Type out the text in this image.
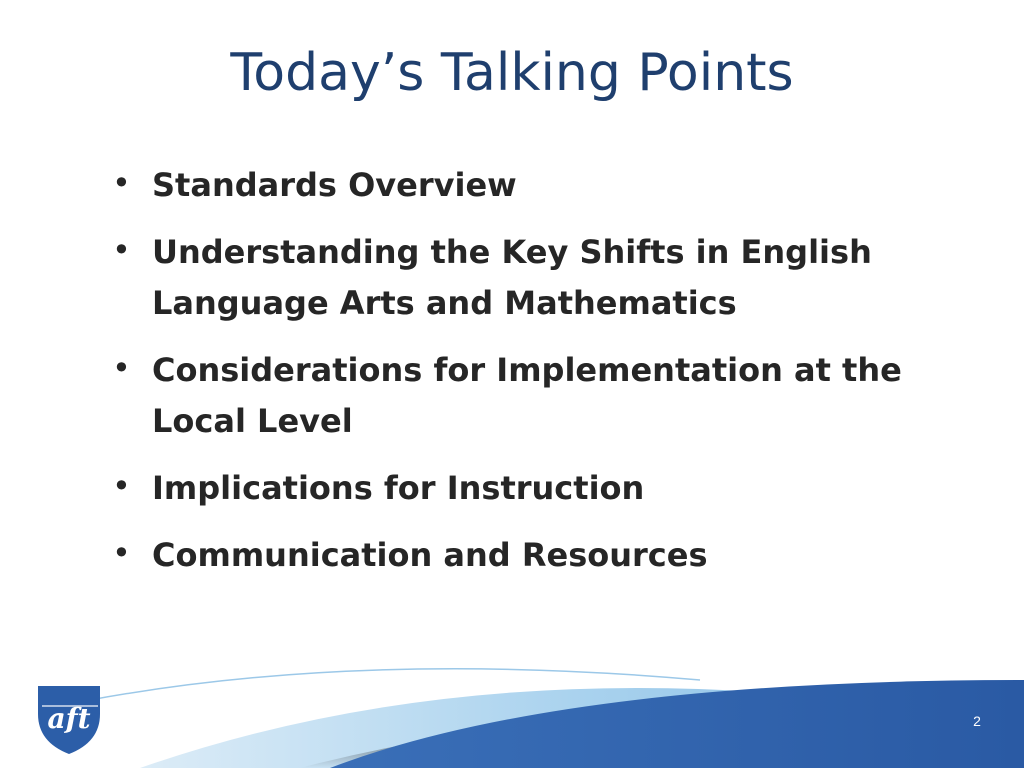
Today’s Talking Points
• Standards Overview
• Understanding the Key Shifts in English Language Arts and Mathematics
• Considerations for Implementation at the Local Level
• Implications for Instruction
• Communication and Resources
aft	2
